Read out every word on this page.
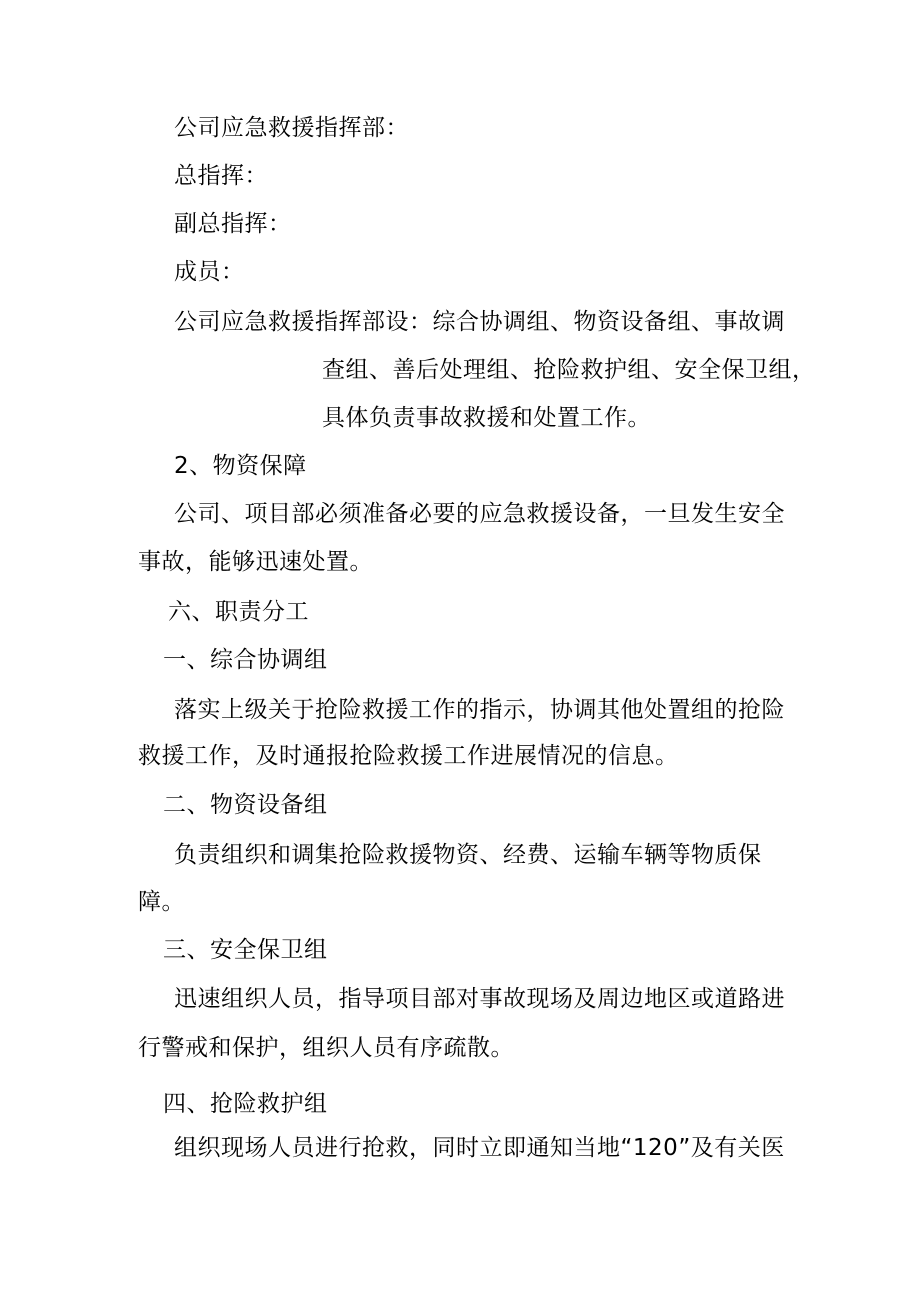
公司应急救援指挥部：
总指挥：
副总指挥：
成员：
公司应急救援指挥部设：综合协调组、物资设备组、事故调
查组、善后处理组、抢险救护组、安全保卫组，
具体负责事故救援和处置工作。
2、物资保障
公司、项目部必须准备必要的应急救援设备，一旦发生安全
事故，能够迅速处置。
六、职责分工
一、综合协调组
落实上级关于抢险救援工作的指示，协调其他处置组的抢险
救援工作，及时通报抢险救援工作进展情况的信息。
二、物资设备组
负责组织和调集抢险救援物资、经费、运输车辆等物质保
障。
三、安全保卫组
迅速组织人员，指导项目部对事故现场及周边地区或道路进
行警戒和保护，组织人员有序疏散。
四、抢险救护组
组织现场人员进行抢救，同时立即通知当地“120”及有关医
